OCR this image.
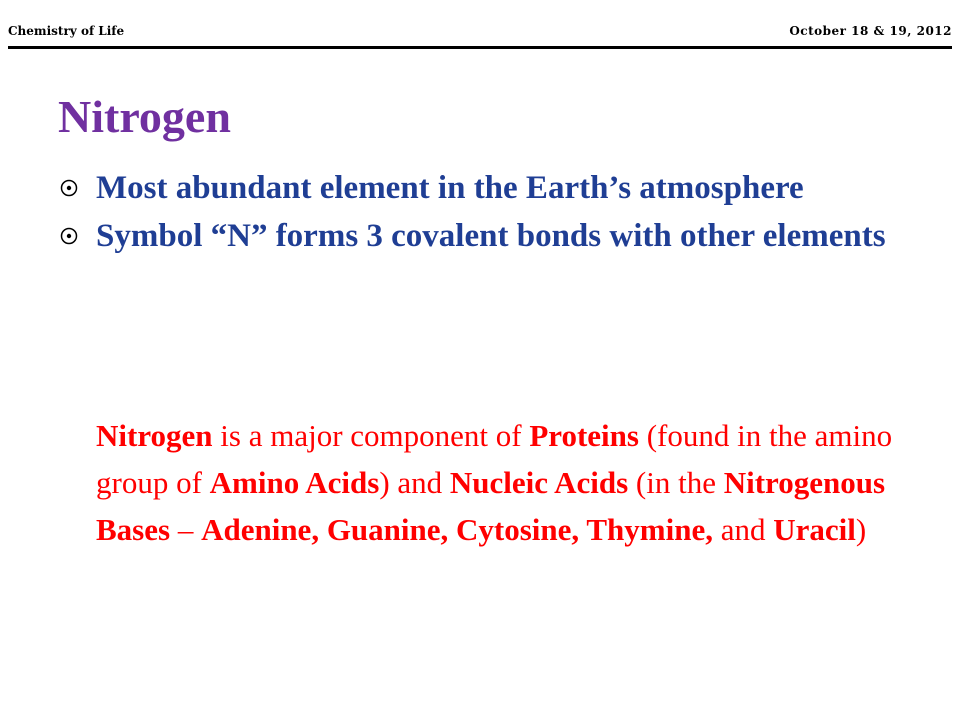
Chemistry of Life	October 18 & 19, 2012
Nitrogen
Most abundant element in the Earth’s atmosphere
Symbol “N” forms 3 covalent bonds with other elements

Nitrogen is a major component of Proteins (found in the amino group of Amino Acids) and Nucleic Acids (in the Nitrogenous Bases – Adenine, Guanine, Cytosine, Thymine, and Uracil)
